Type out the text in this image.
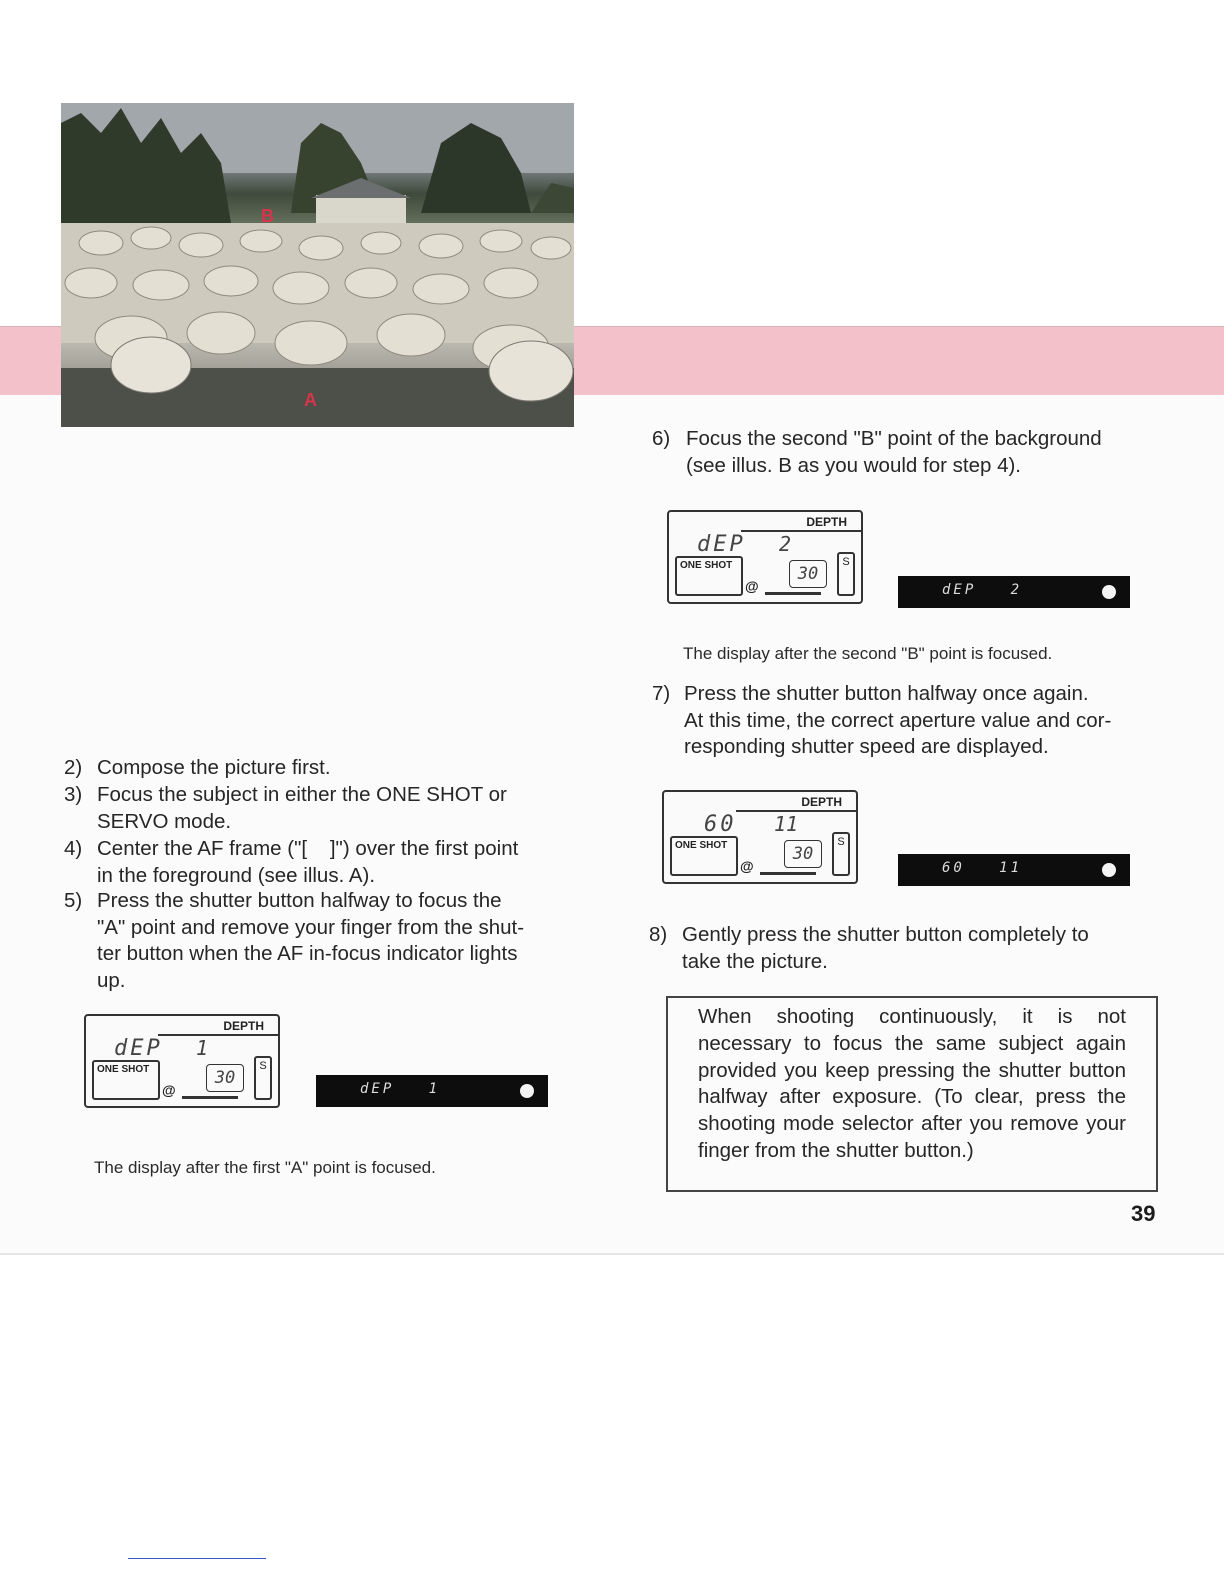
B
A
2) Compose the picture first.
3) Focus the subject in either the ONE SHOT or
SERVO mode.
4) Center the AF frame ("[    ]") over the first point
in the foreground (see illus. A).
5) Press the shutter button halfway to focus the
"A" point and remove your finger from the shut-
ter button when the AF in-focus indicator lights
up.
DEPTH
dEP 1
ONE SHOT
@
30
S
dEP   1
The display after the first "A" point is focused.
6) Focus the second "B" point of the background
(see illus. B as you would for step 4).
DEPTH
dEP 2
ONE SHOT
@
30
S
dEP   2
The display after the second "B" point is focused.
7) Press the shutter button halfway once again.
At this time, the correct aperture value and cor-
responding shutter speed are displayed.
DEPTH
60 11
ONE SHOT
@
30
S
60   11
8) Gently press the shutter button completely to
take the picture.
When shooting continuously, it is not necessary to focus the same subject again provided you keep pressing the shutter button halfway after exposure. (To clear, press the shooting mode selector after you remove your finger from the shutter button.)
39
